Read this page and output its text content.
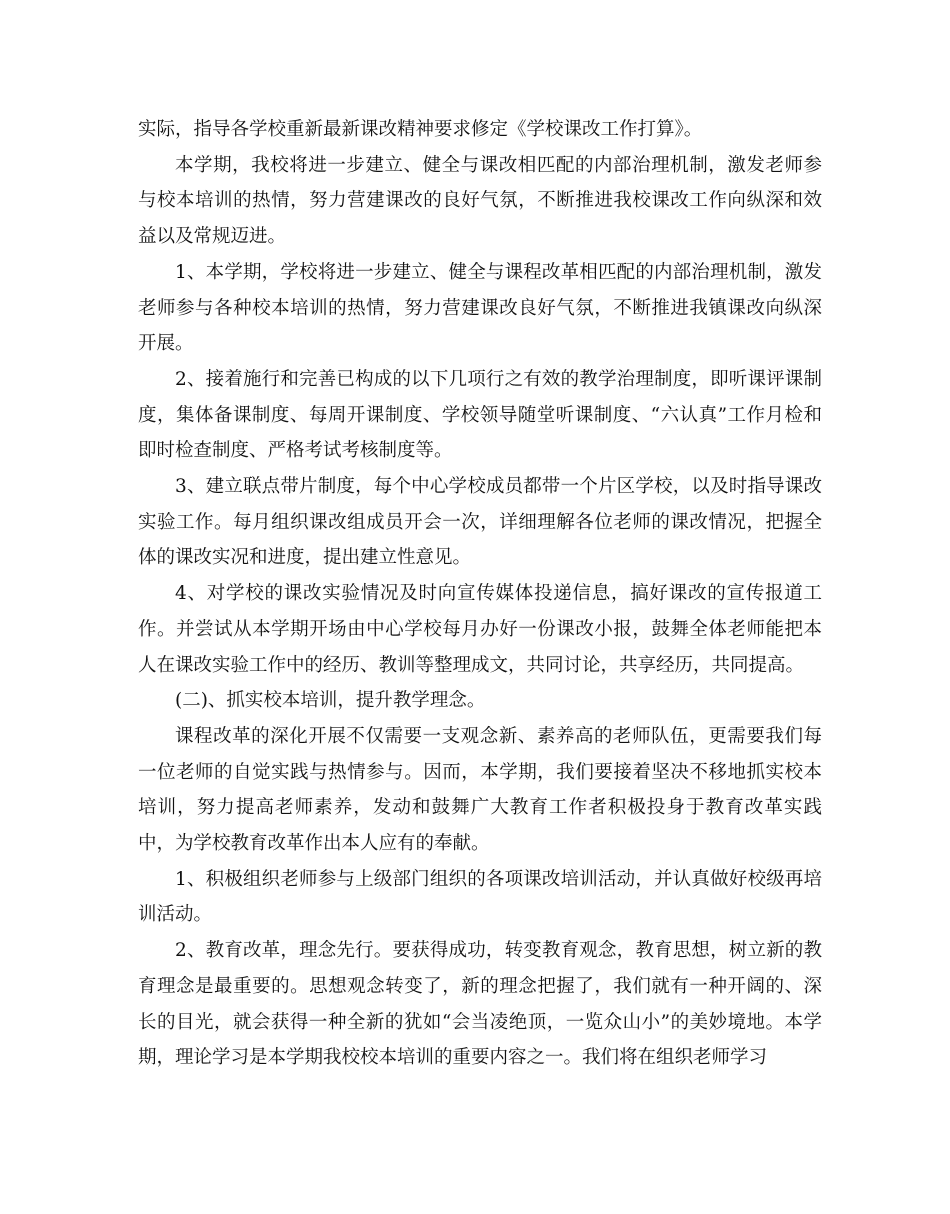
实际，指导各学校重新最新课改精神要求修定《学校课改工作打算》。

本学期，我校将进一步建立、健全与课改相匹配的内部治理机制，激发老师参与校本培训的热情，努力营建课改的良好气氛，不断推进我校课改工作向纵深和效益以及常规迈进。

1、本学期，学校将进一步建立、健全与课程改革相匹配的内部治理机制，激发老师参与各种校本培训的热情，努力营建课改良好气氛，不断推进我镇课改向纵深开展。

2、接着施行和完善已构成的以下几项行之有效的教学治理制度，即听课评课制度，集体备课制度、每周开课制度、学校领导随堂听课制度、“六认真”工作月检和即时检查制度、严格考试考核制度等。

3、建立联点带片制度，每个中心学校成员都带一个片区学校，以及时指导课改实验工作。每月组织课改组成员开会一次，详细理解各位老师的课改情况，把握全体的课改实况和进度，提出建立性意见。

4、对学校的课改实验情况及时向宣传媒体投递信息，搞好课改的宣传报道工作。并尝试从本学期开场由中心学校每月办好一份课改小报，鼓舞全体老师能把本人在课改实验工作中的经历、教训等整理成文，共同讨论，共享经历，共同提高。

(二)、抓实校本培训，提升教学理念。

课程改革的深化开展不仅需要一支观念新、素养高的老师队伍，更需要我们每一位老师的自觉实践与热情参与。因而，本学期，我们要接着坚决不移地抓实校本培训，努力提高老师素养，发动和鼓舞广大教育工作者积极投身于教育改革实践中，为学校教育改革作出本人应有的奉献。

1、积极组织老师参与上级部门组织的各项课改培训活动，并认真做好校级再培训活动。

2、教育改革，理念先行。要获得成功，转变教育观念，教育思想，树立新的教育理念是最重要的。思想观念转变了，新的理念把握了，我们就有一种开阔的、深长的目光，就会获得一种全新的犹如“会当凌绝顶，一览众山小”的美妙境地。本学期，理论学习是本学期我校校本培训的重要内容之一。我们将在组织老师学习
